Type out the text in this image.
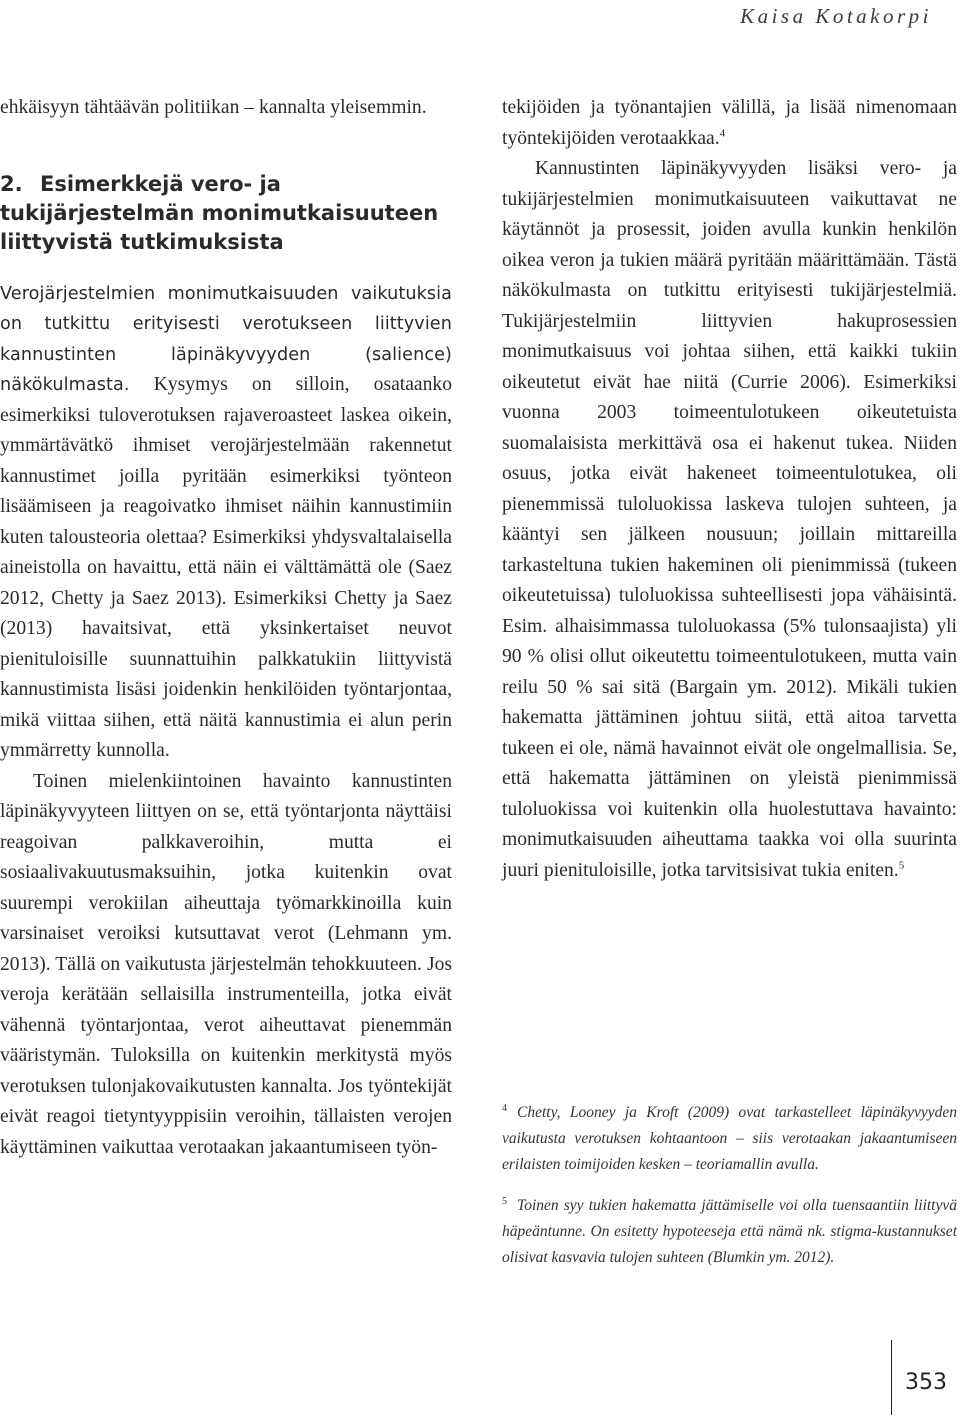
Kaisa Kotakorpi

ehkäisyyn tähtäävän politiikan – kannalta yleisemmin.

2. Esimerkkejä vero- ja tukijärjestelmän monimutkaisuuteen liittyvistä tutkimuksista

Verojärjestelmien monimutkaisuuden vaikutuksia on tutkittu erityisesti verotukseen liittyvien kannustinten läpinäkyvyyden (salience) näkökulmasta. Kysymys on silloin, osataanko esimerkiksi tuloverotuksen rajaveroasteet laskea oikein, ymmärtävätkö ihmiset verojärjestelmään rakennetut kannustimet joilla pyritään esimerkiksi työnteon lisäämiseen ja reagoivatko ihmiset näihin kannustimiin kuten talousteoria olettaa? Esimerkiksi yhdysvaltalaisella aineistolla on havaittu, että näin ei välttämättä ole (Saez 2012, Chetty ja Saez 2013). Esimerkiksi Chetty ja Saez (2013) havaitsivat, että yksinkertaiset neuvot pienituloisille suunnattuihin palkkatukiin liittyvistä kannustimista lisäsi joidenkin henkilöiden työntarjontaa, mikä viittaa siihen, että näitä kannustimia ei alun perin ymmärretty kunnolla.

Toinen mielenkiintoinen havainto kannustinten läpinäkyvyyteen liittyen on se, että työntarjonta näyttäisi reagoivan palkkaveroihin, mutta ei sosiaalivakuutusmaksuihin, jotka kuitenkin ovat suurempi verokiilan aiheuttaja työmarkkinoilla kuin varsinaiset veroiksi kutsuttavat verot (Lehmann ym. 2013). Tällä on vaikutusta järjestelmän tehokkuuteen. Jos veroja kerätään sellaisilla instrumenteilla, jotka eivät vähennä työntarjontaa, verot aiheuttavat pienemmän vääristymän. Tuloksilla on kuitenkin merkitystä myös verotuksen tulonjakovaikutusten kannalta. Jos työntekijät eivät reagoi tietyntyyppisiin veroihin, tällaisten verojen käyttäminen vaikuttaa verotaakan jakaantumiseen työn-

tekijöiden ja työnantajien välillä, ja lisää nimenomaan työntekijöiden verotaakkaa.$^4$

Kannustinten läpinäkyvyyden lisäksi vero- ja tukijärjestelmien monimutkaisuuteen vaikuttavat ne käytännöt ja prosessit, joiden avulla kunkin henkilön oikea veron ja tukien määrä pyritään määrittämään. Tästä näkökulmasta on tutkittu erityisesti tukijärjestelmiä. Tukijärjestelmiin liittyvien hakuprosessien monimutkaisuus voi johtaa siihen, että kaikki tukiin oikeutetut eivät hae niitä (Currie 2006). Esimerkiksi vuonna 2003 toimeentulotukeen oikeutetuista suomalaisista merkittävä osa ei hakenut tukea. Niiden osuus, jotka eivät hakeneet toimeentulotukea, oli pienemmissä tuloluokissa laskeva tulojen suhteen, ja kääntyi sen jälkeen nousuun; joillain mittareilla tarkasteltuna tukien hakeminen oli pienimmissä (tukeen oikeutetuissa) tuloluokissa suhteellisesti jopa vähäisintä. Esim. alhaisimmassa tuloluokassa (5% tulonsaajista) yli 90 % olisi ollut oikeutettu toimeentulotukeen, mutta vain reilu 50 % sai sitä (Bargain ym. 2012). Mikäli tukien hakematta jättäminen johtuu siitä, että aitoa tarvetta tukeen ei ole, nämä havainnot eivät ole ongelmallisia. Se, että hakematta jättäminen on yleistä pienimmissä tuloluokissa voi kuitenkin olla huolestuttava havainto: monimutkaisuuden aiheuttama taakka voi olla suurinta juuri pienituloisille, jotka tarvitsisivat tukia eniten.$^5$

$^4$ Chetty, Looney ja Kroft (2009) ovat tarkastelleet läpinäkyvyyden vaikutusta verotuksen kohtaantoon – siis verotaakan jakaantumiseen erilaisten toimijoiden kesken – teoriamallin avulla.

$^5$ Toinen syy tukien hakematta jättämiselle voi olla tuensaantiin liittyvä häpeäntunne. On esitetty hypoteeseja että nämä nk. stigma-kustannukset olisivat kasvavia tulojen suhteen (Blumkin ym. 2012).

353
